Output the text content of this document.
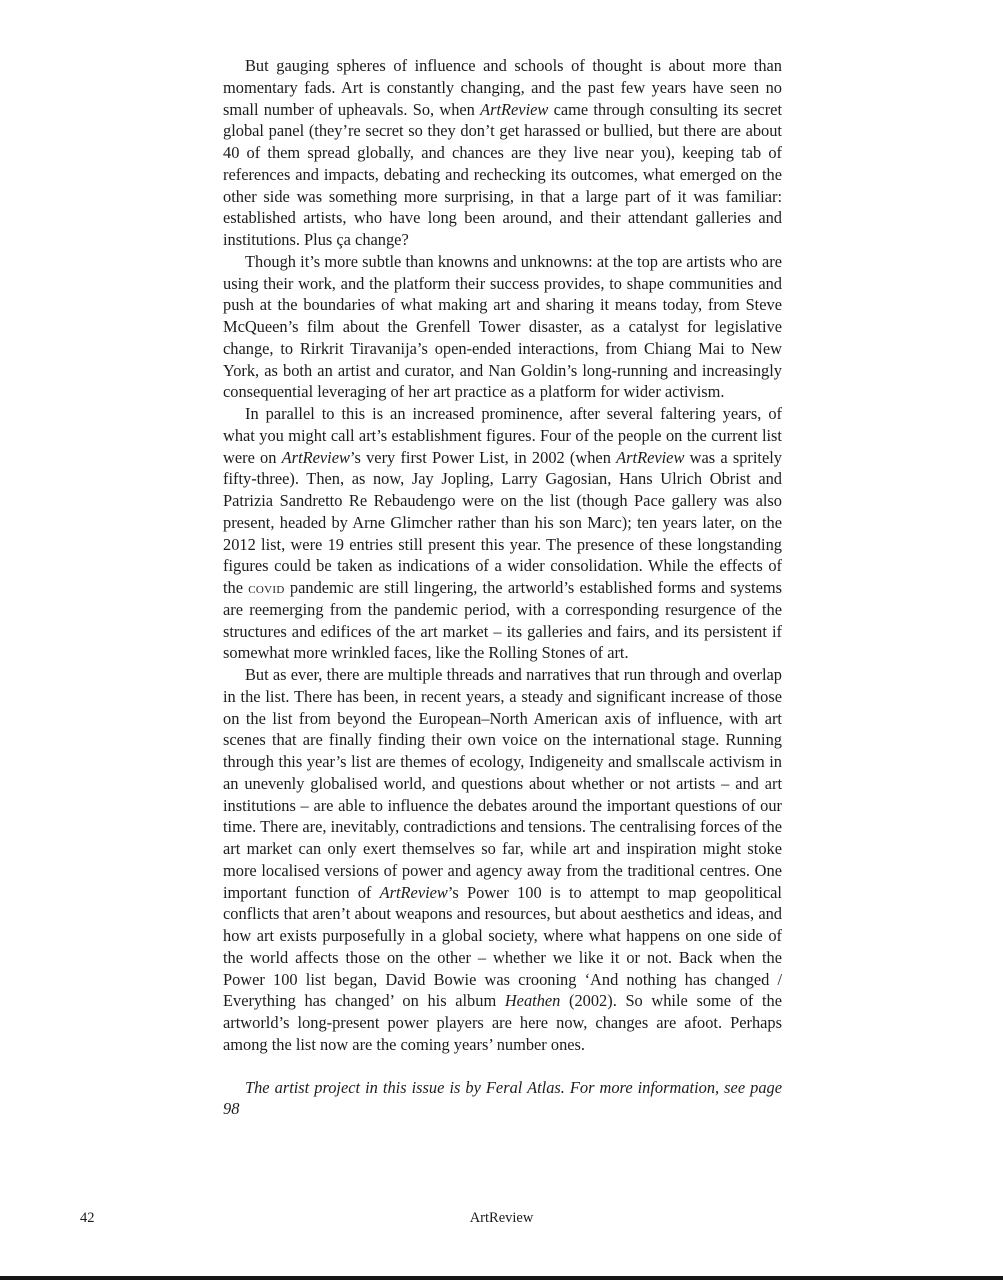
But gauging spheres of influence and schools of thought is about more than momentary fads. Art is constantly changing, and the past few years have seen no small number of upheavals. So, when ArtReview came through consulting its secret global panel (they’re secret so they don’t get harassed or bullied, but there are about 40 of them spread globally, and chances are they live near you), keeping tab of references and impacts, debating and rechecking its outcomes, what emerged on the other side was something more surprising, in that a large part of it was familiar: established artists, who have long been around, and their attendant galleries and institutions. Plus ça change?

Though it’s more subtle than knowns and unknowns: at the top are artists who are using their work, and the platform their success provides, to shape communities and push at the boundaries of what making art and sharing it means today, from Steve McQueen’s film about the Grenfell Tower disaster, as a catalyst for legislative change, to Rirkrit Tiravanija’s open-ended interactions, from Chiang Mai to New York, as both an artist and curator, and Nan Goldin’s long-running and increasingly consequential leveraging of her art practice as a platform for wider activism.

In parallel to this is an increased prominence, after several faltering years, of what you might call art’s establishment figures. Four of the people on the current list were on ArtReview’s very first Power List, in 2002 (when ArtReview was a spritely fifty-three). Then, as now, Jay Jopling, Larry Gagosian, Hans Ulrich Obrist and Patrizia Sandretto Re Rebaudengo were on the list (though Pace gallery was also present, headed by Arne Glimcher rather than his son Marc); ten years later, on the 2012 list, were 19 entries still present this year. The presence of these longstanding figures could be taken as indications of a wider consolidation. While the effects of the covid pandemic are still lingering, the artworld’s established forms and systems are reemerging from the pandemic period, with a corresponding resurgence of the structures and edifices of the art market – its galleries and fairs, and its persistent if somewhat more wrinkled faces, like the Rolling Stones of art.

But as ever, there are multiple threads and narratives that run through and overlap in the list. There has been, in recent years, a steady and significant increase of those on the list from beyond the European–North American axis of influence, with art scenes that are finally finding their own voice on the international stage. Running through this year’s list are themes of ecology, Indigeneity and smallscale activism in an unevenly globalised world, and questions about whether or not artists – and art institutions – are able to influence the debates around the important questions of our time. There are, inevitably, contradictions and tensions. The centralising forces of the art market can only exert themselves so far, while art and inspiration might stoke more localised versions of power and agency away from the traditional centres. One important function of ArtReview’s Power 100 is to attempt to map geopolitical conflicts that aren’t about weapons and resources, but about aesthetics and ideas, and how art exists purposefully in a global society, where what happens on one side of the world affects those on the other – whether we like it or not. Back when the Power 100 list began, David Bowie was crooning ‘And nothing has changed / Everything has changed’ on his album Heathen (2002). So while some of the artworld’s long-present power players are here now, changes are afoot. Perhaps among the list now are the coming years’ number ones.

The artist project in this issue is by Feral Atlas. For more information, see page 98

42	ArtReview
